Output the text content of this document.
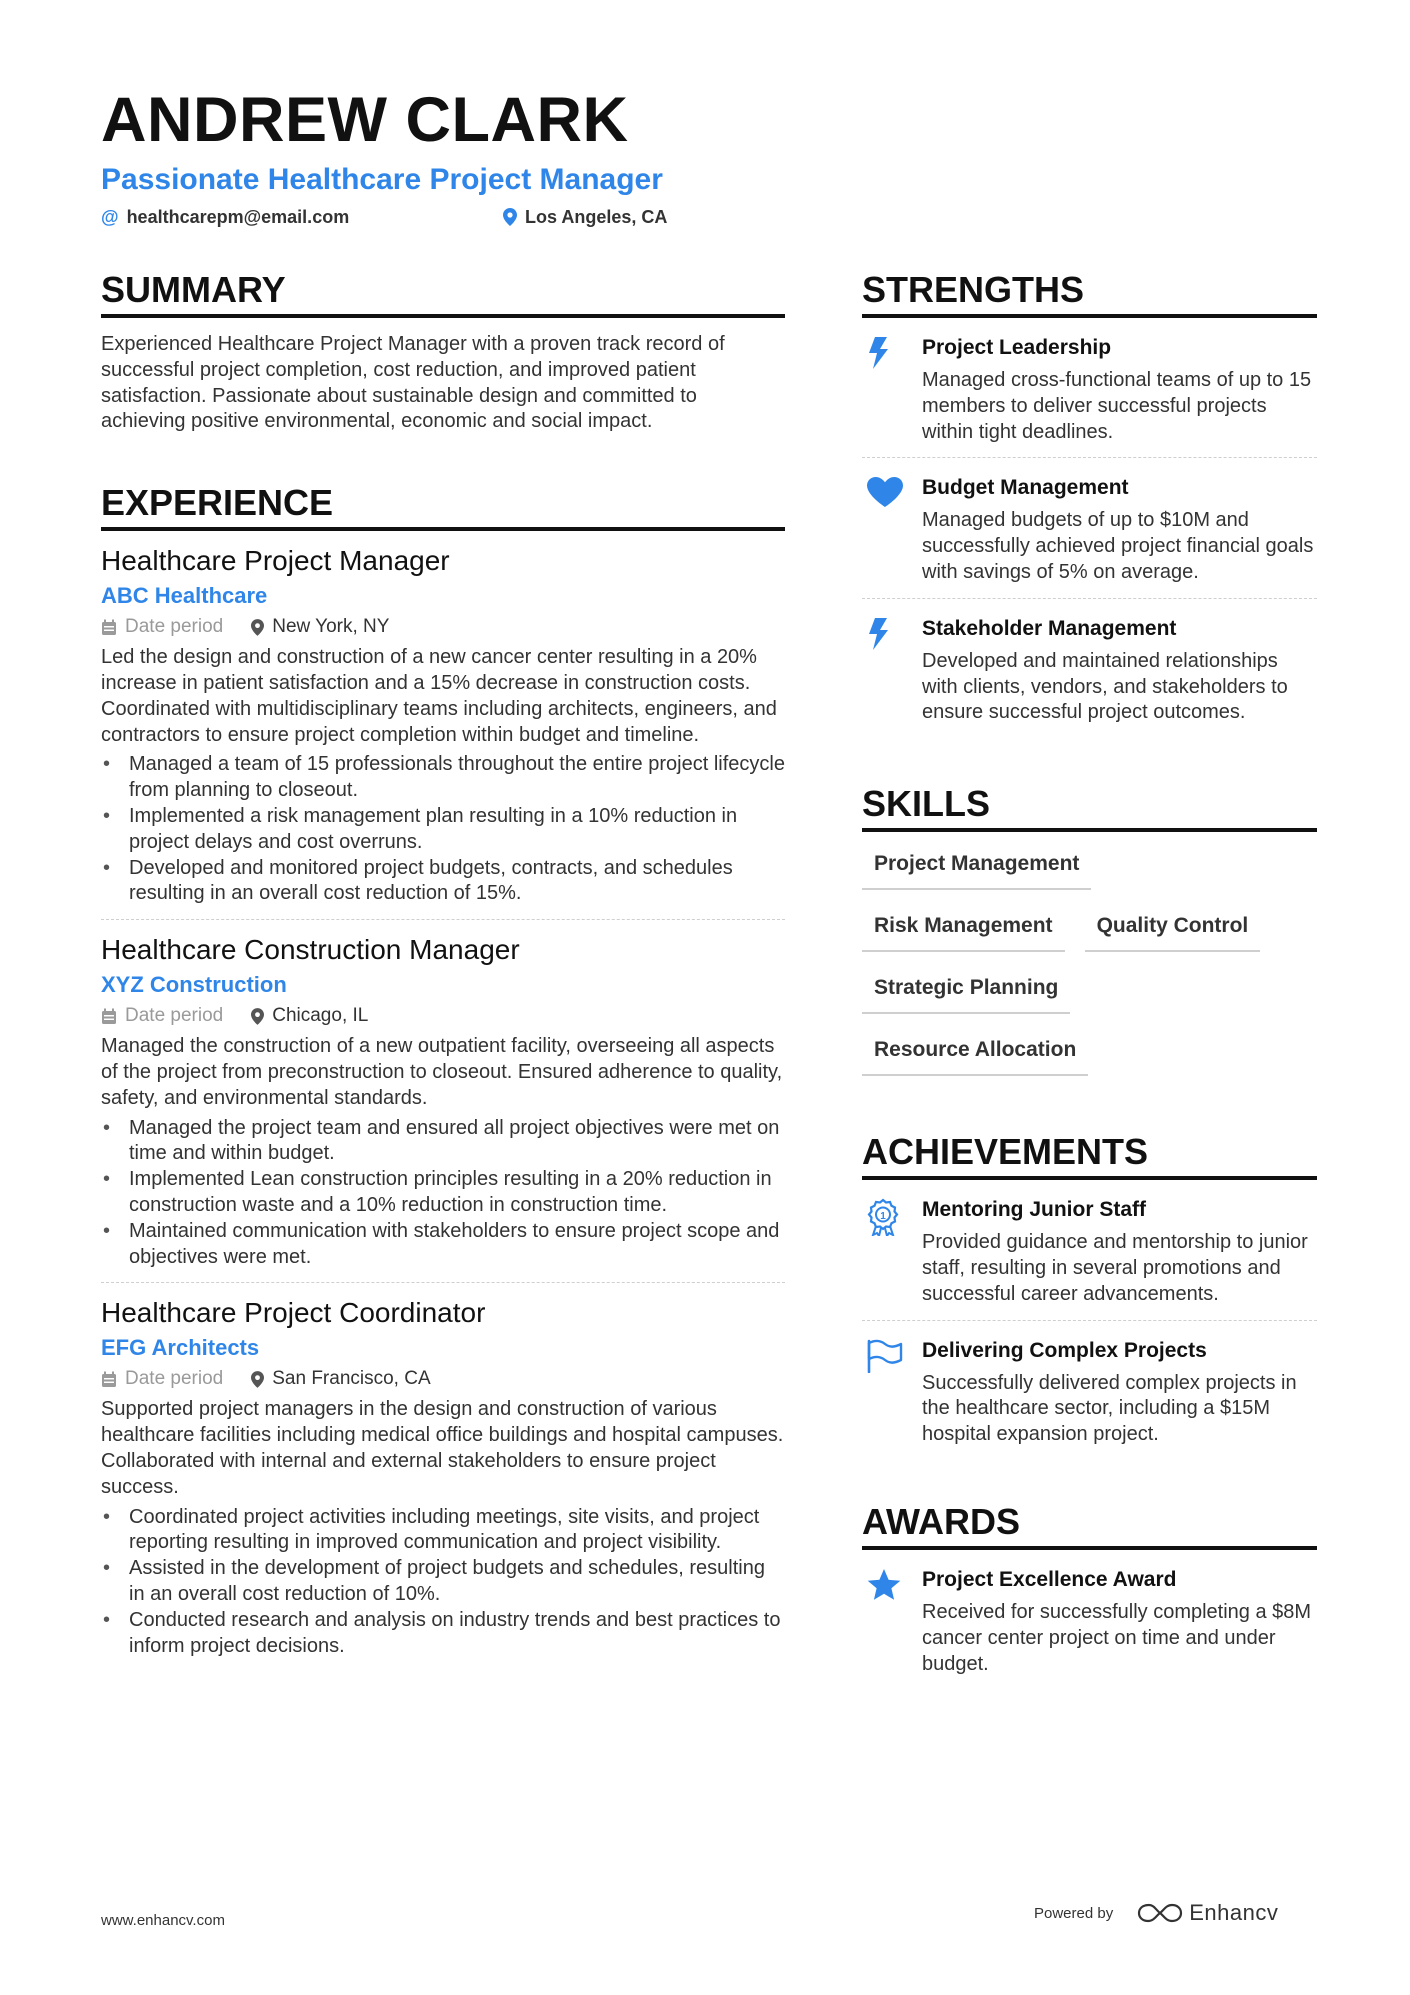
ANDREW CLARK
Passionate Healthcare Project Manager
@ healthcarepm@email.com	Los Angeles, CA
SUMMARY
Experienced Healthcare Project Manager with a proven track record of successful project completion, cost reduction, and improved patient satisfaction. Passionate about sustainable design and committed to achieving positive environmental, economic and social impact.
EXPERIENCE
Healthcare Project Manager
ABC Healthcare
Date period	New York, NY
Led the design and construction of a new cancer center resulting in a 20% increase in patient satisfaction and a 15% decrease in construction costs. Coordinated with multidisciplinary teams including architects, engineers, and contractors to ensure project completion within budget and timeline.
• Managed a team of 15 professionals throughout the entire project lifecycle from planning to closeout.
• Implemented a risk management plan resulting in a 10% reduction in project delays and cost overruns.
• Developed and monitored project budgets, contracts, and schedules resulting in an overall cost reduction of 15%.
Healthcare Construction Manager
XYZ Construction
Date period	Chicago, IL
Managed the construction of a new outpatient facility, overseeing all aspects of the project from preconstruction to closeout. Ensured adherence to quality, safety, and environmental standards.
• Managed the project team and ensured all project objectives were met on time and within budget.
• Implemented Lean construction principles resulting in a 20% reduction in construction waste and a 10% reduction in construction time.
• Maintained communication with stakeholders to ensure project scope and objectives were met.
Healthcare Project Coordinator
EFG Architects
Date period	San Francisco, CA
Supported project managers in the design and construction of various healthcare facilities including medical office buildings and hospital campuses. Collaborated with internal and external stakeholders to ensure project success.
• Coordinated project activities including meetings, site visits, and project reporting resulting in improved communication and project visibility.
• Assisted in the development of project budgets and schedules, resulting in an overall cost reduction of 10%.
• Conducted research and analysis on industry trends and best practices to inform project decisions.
STRENGTHS
Project Leadership
Managed cross-functional teams of up to 15 members to deliver successful projects within tight deadlines.
Budget Management
Managed budgets of up to $10M and successfully achieved project financial goals with savings of 5% on average.
Stakeholder Management
Developed and maintained relationships with clients, vendors, and stakeholders to ensure successful project outcomes.
SKILLS
Project Management
Risk Management	Quality Control
Strategic Planning
Resource Allocation
ACHIEVEMENTS
1 Mentoring Junior Staff
Provided guidance and mentorship to junior staff, resulting in several promotions and successful career advancements.
Delivering Complex Projects
Successfully delivered complex projects in the healthcare sector, including a $15M hospital expansion project.
AWARDS
Project Excellence Award
Received for successfully completing a $8M cancer center project on time and under budget.
www.enhancv.com	Powered by	Enhancv
